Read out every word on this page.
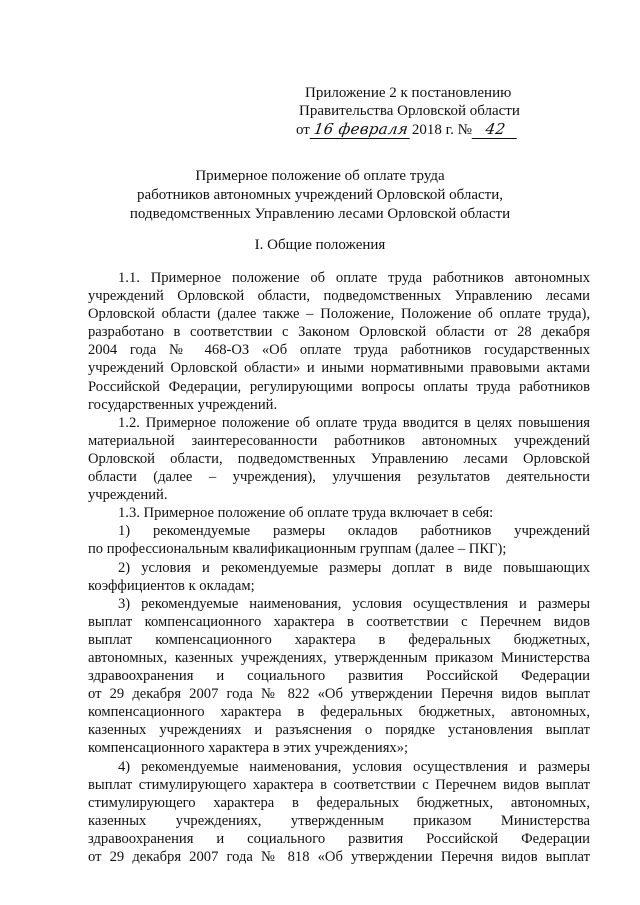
Приложение 2 к постановлению
Правительства Орловской области
от 16 февраля 2018 г. № 42
Примерное положение об оплате труда
работников автономных учреждений Орловской области,
подведомственных Управлению лесами Орловской области
I. Общие положения
1.1. Примерное положение об оплате труда работников автономных
учреждений Орловской области, подведомственных Управлению лесами
Орловской области (далее также – Положение, Положение об оплате труда),
разработано в соответствии с Законом Орловской области от 28 декабря
2004 года № 468-ОЗ «Об оплате труда работников государственных
учреждений Орловской области» и иными нормативными правовыми актами
Российской Федерации, регулирующими вопросы оплаты труда работников
государственных учреждений.
1.2. Примерное положение об оплате труда вводится в целях повышения
материальной заинтересованности работников автономных учреждений
Орловской области, подведомственных Управлению лесами Орловской
области (далее – учреждения), улучшения результатов деятельности
учреждений.
1.3. Примерное положение об оплате труда включает в себя:
1) рекомендуемые размеры окладов работников учреждений
по профессиональным квалификационным группам (далее – ПКГ);
2) условия и рекомендуемые размеры доплат в виде повышающих
коэффициентов к окладам;
3) рекомендуемые наименования, условия осуществления и размеры
выплат компенсационного характера в соответствии с Перечнем видов
выплат компенсационного характера в федеральных бюджетных,
автономных, казенных учреждениях, утвержденным приказом Министерства
здравоохранения и социального развития Российской Федерации
от 29 декабря 2007 года № 822 «Об утверждении Перечня видов выплат
компенсационного характера в федеральных бюджетных, автономных,
казенных учреждениях и разъяснения о порядке установления выплат
компенсационного характера в этих учреждениях»;
4) рекомендуемые наименования, условия осуществления и размеры
выплат стимулирующего характера в соответствии с Перечнем видов выплат
стимулирующего характера в федеральных бюджетных, автономных,
казенных учреждениях, утвержденным приказом Министерства
здравоохранения и социального развития Российской Федерации
от 29 декабря 2007 года № 818 «Об утверждении Перечня видов выплат
